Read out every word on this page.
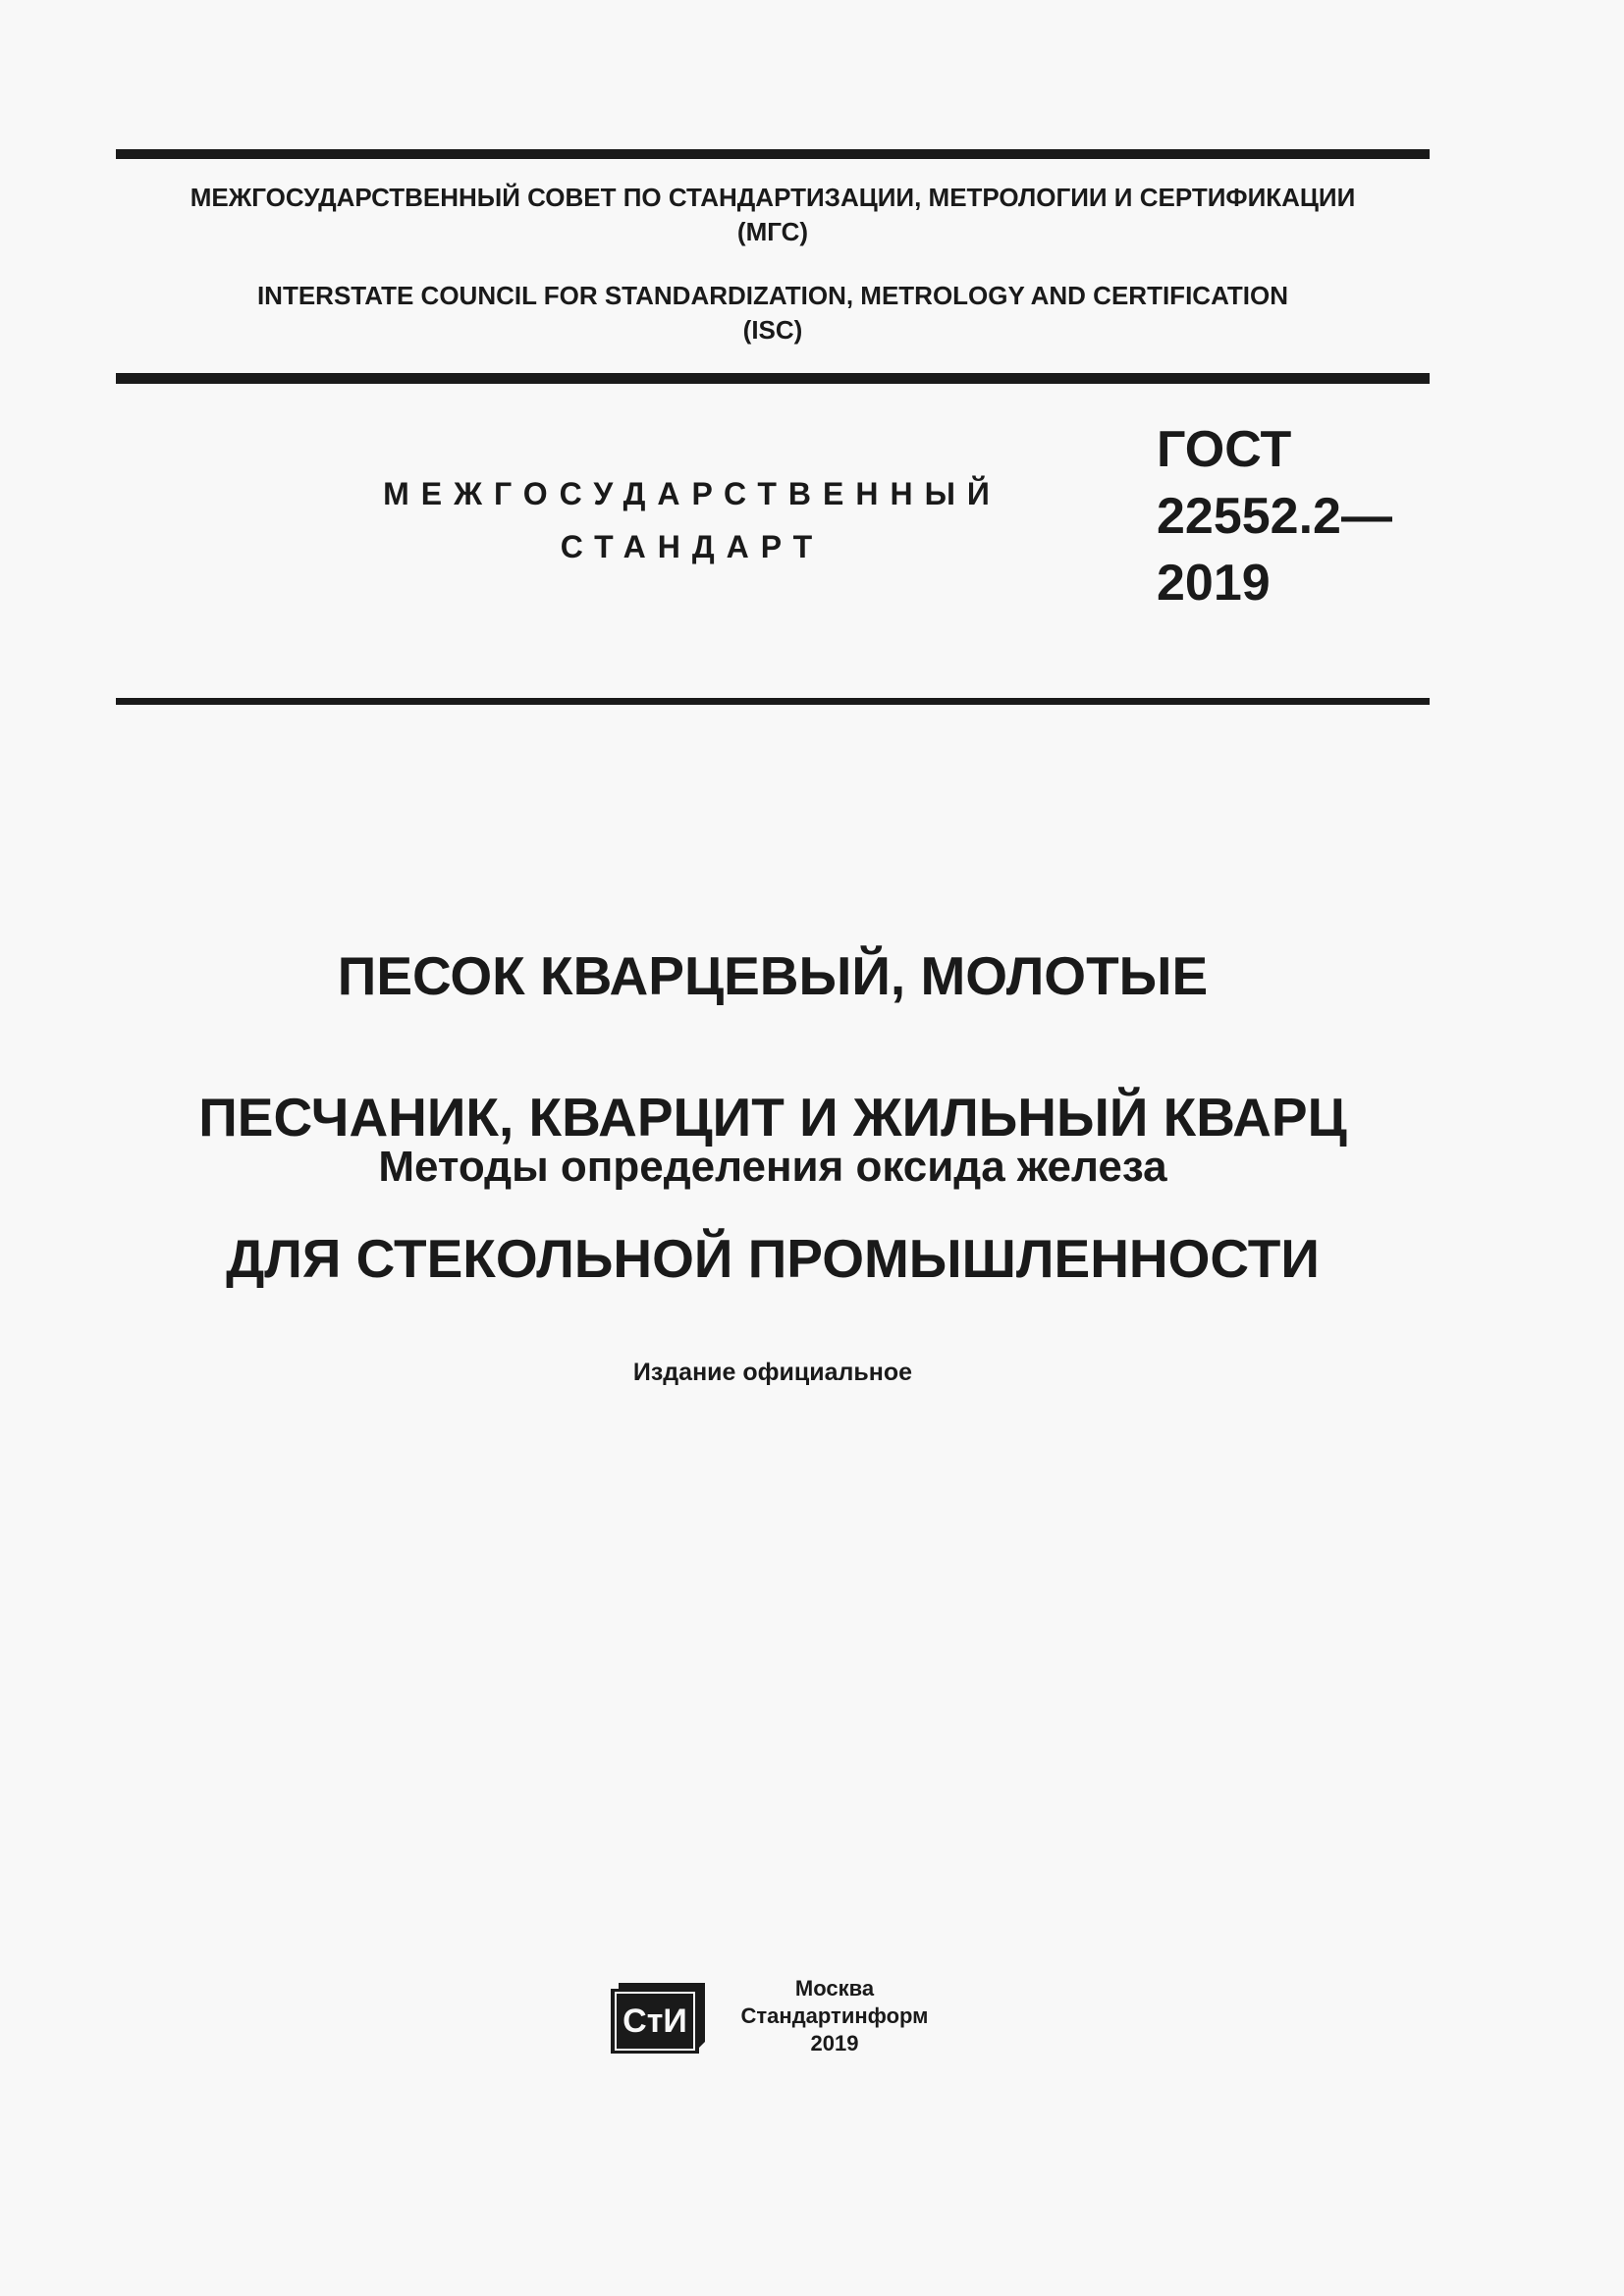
МЕЖГОСУДАРСТВЕННЫЙ СОВЕТ ПО СТАНДАРТИЗАЦИИ, МЕТРОЛОГИИ И СЕРТИФИКАЦИИ
(МГС)
INTERSTATE COUNCIL FOR STANDARDIZATION, METROLOGY AND CERTIFICATION
(ISC)
МЕЖГОСУДАРСТВЕННЫЙ
СТАНДАРТ
ГОСТ
22552.2—
2019

ПЕСОК КВАРЦЕВЫЙ, МОЛОТЫЕ

ПЕСЧАНИК, КВАРЦИТ И ЖИЛЬНЫЙ КВАРЦ

ДЛЯ СТЕКОЛЬНОЙ ПРОМЫШЛЕННОСТИ

Методы определения оксида железа
Издание официальное
СтИ
Москва
Стандартинформ
2019
